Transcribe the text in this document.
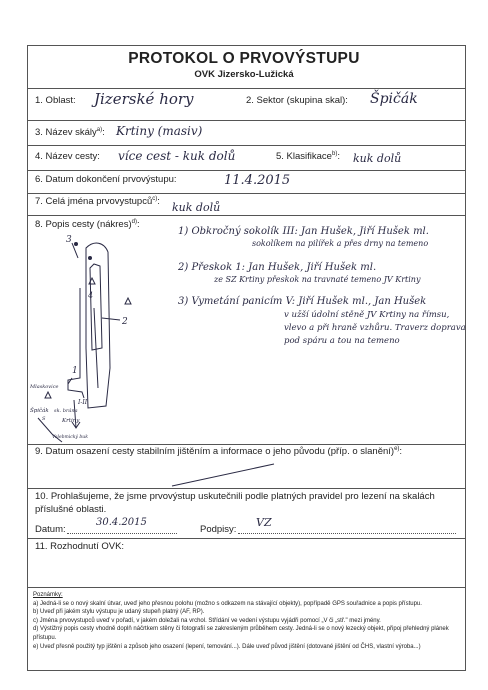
PROTOKOL O PRVOVÝSTUPU
OVK Jizersko-Lužická
1. Oblast: Jizerské hory	2. Sektor (skupina skal): Špičák
3. Název skály$^{a)}$: Krtiny (masiv)
4. Název cesty: více cest - kuk dolů	5. Klasifikace$^{b)}$: kuk dolů
6. Datum dokončení prvovýstupu:	11.4.2015
7. Celá jména prvovystupců$^{c)}$: kuk dolů
8. Popis cesty (nákres)$^{d)}$:
1) Obkročný sokolík III: Jan Hušek, Jiří Hušek ml.
sokolíkem na pilířek a přes drny na temeno
2) Přeskok 1: Jan Hušek, Jiří Hušek ml.
ze SZ Krtiny přeskok na travnaté temeno JV Krtiny
3) Vymetání panicím V: Jiří Hušek ml., Jan Hušek
v užší údolní stěně JV Krtiny na římsu,
vlevo a při hraně vzhůru. Traverz doprava
pod spáru a tou na temeno
3
4
2
1
I-II
Mlaskovice
Špičák sk. brána
Krtiny
Velebmický buk
S
9. Datum osazení cesty stabilním jištěním a informace o jeho původu (příp. o slanění)$^{e)}$:
10. Prohlašujeme, že jsme prvovýstup uskutečnili podle platných pravidel pro lezení na skalách příslušné oblasti.
Datum:
30.4.2015
Podpisy:
VZ
11. Rozhodnutí OVK:
Poznámky:
a) Jedná-li se o nový skalní útvar, uveď jeho přesnou polohu (možno s odkazem na stávající objekty), popřípadě GPS souřadnice a popis přístupu.
b) Uveď při jakém stylu výstupu je udaný stupeň platný (AF, RP).
c) Jména prvovystupců uveď v pořadí, v jakém doležali na vrchol. Střídání ve vedení výstupu vyjádři pomocí „V či „stř." mezi jmény.
d) Výstižný popis cesty vhodně doplň náčrtkem stěny či fotografií se zakresleným průběhem cesty. Jedná-li se o nový lezecký objekt, připoj přehledný plánek přístupu.
e) Uveď přesně použitý typ jištění a způsob jeho osazení (lepení, temování...). Dále uveď původ jištění (dotované jištění od ČHS, vlastní výroba...)
